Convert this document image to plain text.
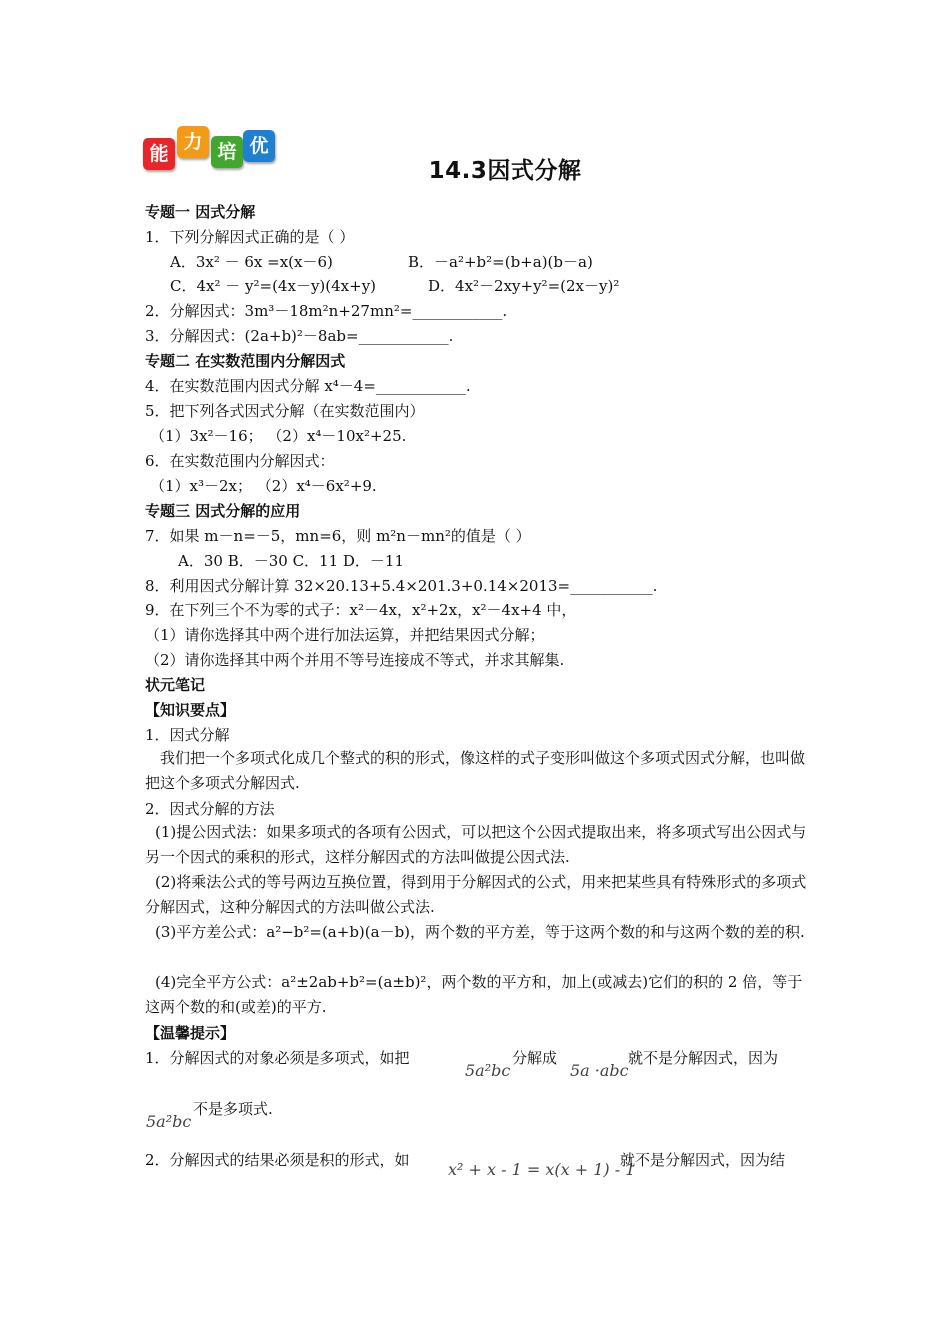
能
力 培 优
14.3因式分解
专题一 因式分解
1．下列分解因式正确的是（ ）
A．3x² － 6x =x(x－6)	B．－a²+b²=(b+a)(b－a)
C．4x² － y²=(4x－y)(4x+y)	D．4x²－2xy+y²=(2x－y)²
2．分解因式：3m³－18m²n+27mn²=____________.
3．分解因式：(2a+b)²－8ab=____________.
专题二 在实数范围内分解因式
4．在实数范围内因式分解 x⁴－4=____________.
5．把下列各式因式分解（在实数范围内）
（1）3x²－16； （2）x⁴－10x²+25.
6．在实数范围内分解因式：
（1）x³－2x； （2）x⁴－6x²+9.
专题三 因式分解的应用
7．如果 m－n=－5，mn=6，则 m²n－mn²的值是（ ）
A．30 B．－30 C．11 D．－11
8．利用因式分解计算 32×20.13+5.4×201.3+0.14×2013=___________.
9．在下列三个不为零的式子：x²－4x，x²+2x，x²－4x+4 中，
（1）请你选择其中两个进行加法运算，并把结果因式分解；
（2）请你选择其中两个并用不等号连接成不等式，并求其解集.
状元笔记
【知识要点】
1．因式分解
我们把一个多项式化成几个整式的积的形式，像这样的式子变形叫做这个多项式因式分解，也叫做把这个多项式分解因式.
2．因式分解的方法
(1)提公因式法：如果多项式的各项有公因式，可以把这个公因式提取出来，将多项式写出公因式与另一个因式的乘积的形式，这样分解因式的方法叫做提公因式法.
(2)将乘法公式的等号两边互换位置，得到用于分解因式的公式，用来把某些具有特殊形式的多项式分解因式，这种分解因式的方法叫做公式法.
(3)平方差公式：a²−b²=(a+b)(a－b)，两个数的平方差，等于这两个数的和与这两个数的差的积.
(4)完全平方公式：a²±2ab+b²=(a±b)²，两个数的平方和，加上(或减去)它们的积的 2 倍，等于这两个数的和(或差)的平方.
【温馨提示】
1．分解因式的对象必须是多项式，如把
5a²bc
分解成
5a ·abc
就不是分解因式，因为
5a²bc
不是多项式.
2．分解因式的结果必须是积的形式，如 x² + x - 1 = x(x + 1) - 1
就不是分解因式，因为结
